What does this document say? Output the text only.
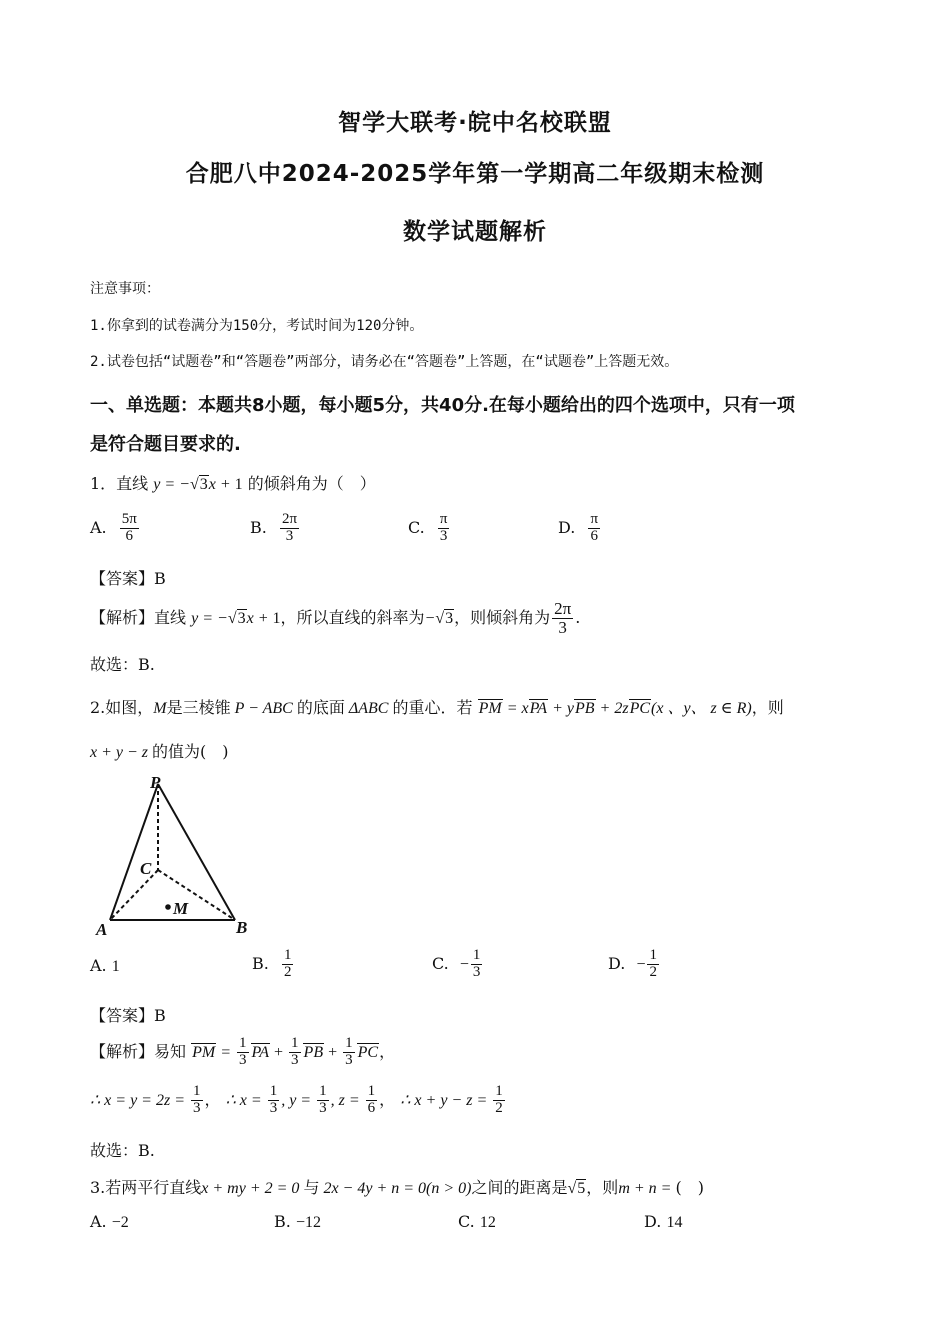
智学大联考·皖中名校联盟
合肥八中2024-2025学年第一学期高二年级期末检测
数学试题解析
注意事项：
1.你拿到的试卷满分为150分，考试时间为120分钟。
2.试卷包括“试题卷”和“答题卷”两部分，请务必在“答题卷”上答题，在“试题卷”上答题无效。
一、单选题：本题共8小题，每小题5分，共40分.在每小题给出的四个选项中，只有一项
是符合题目要求的.
1．直线 y = −√3x + 1 的倾斜角为（　）
A. $\frac{5\pi}{6}$	B. $\frac{2\pi}{3}$	C. $\frac{\pi}{3}$	D. $\frac{\pi}{6}$
【答案】B
【解析】直线 y = −√3x + 1，所以直线的斜率为−√3，则倾斜角为 $\frac{2\pi}{3}$ .
故选：B.
2.如图，M是三棱锥 P − ABC 的底面 ΔABC 的重心．若 PM = xPA + yPB + 2zPC(x 、y、 z ∈ R)，则
x + y − z 的值为(　)
P
C
M
A	B
A. 1	B. $\frac{1}{2}$	C. − $\frac{1}{3}$	D. − $\frac{1}{2}$
【答案】B
【解析】易知 PM = $\frac{1}{3}$ PA + $\frac{1}{3}$ PB + $\frac{1}{3}$ PC，
∴ $x = y = 2z = \frac{1}{3}$ ， ∴ $x = \frac{1}{3}$ , $y = \frac{1}{3}$ , $z = \frac{1}{6}$ ， ∴ $x + y - z = \frac{1}{2}$
故选：B.
3.若两平行直线x + my + 2 = 0 与 2x − 4y + n = 0(n > 0)之间的距离是√5，则m + n = (　)
A. −2	B. −12	C. 12	D. 14
